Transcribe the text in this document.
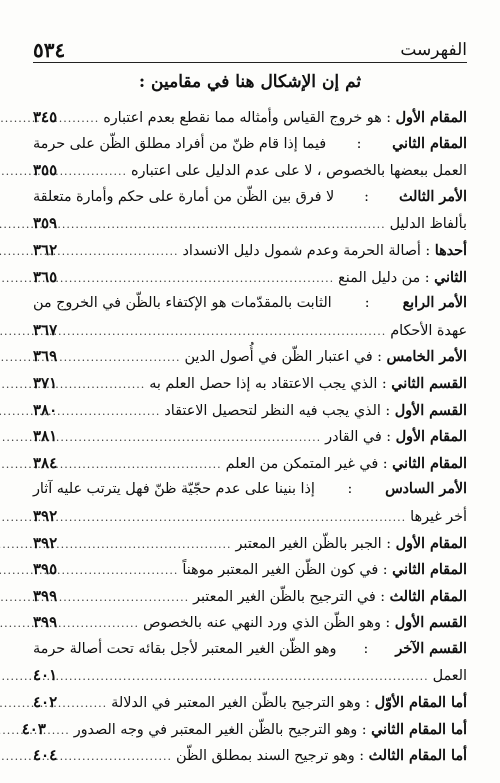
٥٣٤	الفهرست
ثم إن الإشكال هنا في مقامين :
المقام الأول
:
هو خروج القياس وأمثاله مما نقطع بعدم اعتباره
.....
٣٤٥
المقام الثاني
:
فيما إذا قام ظنّ من أفراد مطلق الظّن على حرمة
العمل ببعضها بالخصوص ، لا على عدم الدليل على اعتباره
.....
٣٥٥
الأمر الثالث
:
لا فرق بين الظّن من أمارة على حكم وأمارة متعلقة
بألفاظ الدليل
.....
٣٥٩
أحدها
:
أصالة الحرمة وعدم شمول دليل الانسداد
.....
٣٦٢
الثاني
:
من دليل المنع
.....
٣٦٥
الأمر الرابع
:
الثابت بالمقدّمات هو الإكتفاء بالظّن في الخروج من
عهدة الأحكام
.....
٣٦٧
الأمر الخامس
:
في اعتبار الظّن في أُصول الدين
.....
٣٦٩
القسم الثاني
:
الذي يجب الاعتقاد به إذا حصل العلم به
.....
٣٧١
القسم الأول
:
الذي يجب فيه النظر لتحصيل الاعتقاد
.....
٣٨٠
المقام الأول
:
في القادر
.....
٣٨١
المقام الثاني
:
في غير المتمكن من العلم
.....
٣٨٤
الأمر السادس
:
إذا بنينا على عدم حجّيّة ظنّ فهل يترتب عليه آثار
أخر غيرها
.....
٣٩٢
المقام الأول
:
الجبر بالظّن الغير المعتبر
.....
٣٩٢
المقام الثاني
:
في كون الظّن الغير المعتبر موهناً
.....
٣٩٥
المقام الثالث
:
في الترجيح بالظّن الغير المعتبر
.....
٣٩٩
القسم الأول
:
وهو الظّن الذي ورد النهي عنه بالخصوص
.....
٣٩٩
القسم الآخر
:
وهو الظّن الغير المعتبر لأجل بقائه تحت أصالة حرمة
العمل
.....
٤٠١
أما المقام الأوّل
:
وهو الترجيح بالظّن الغير المعتبر في الدلالة
.....
٤٠٢
أما المقام الثاني
:
وهو الترجيح بالظّن الغير المعتبر في وجه الصدور
.....
٤٠٣
أما المقام الثالث
:
وهو ترجيح السند بمطلق الظّن
.....
٤٠٤
